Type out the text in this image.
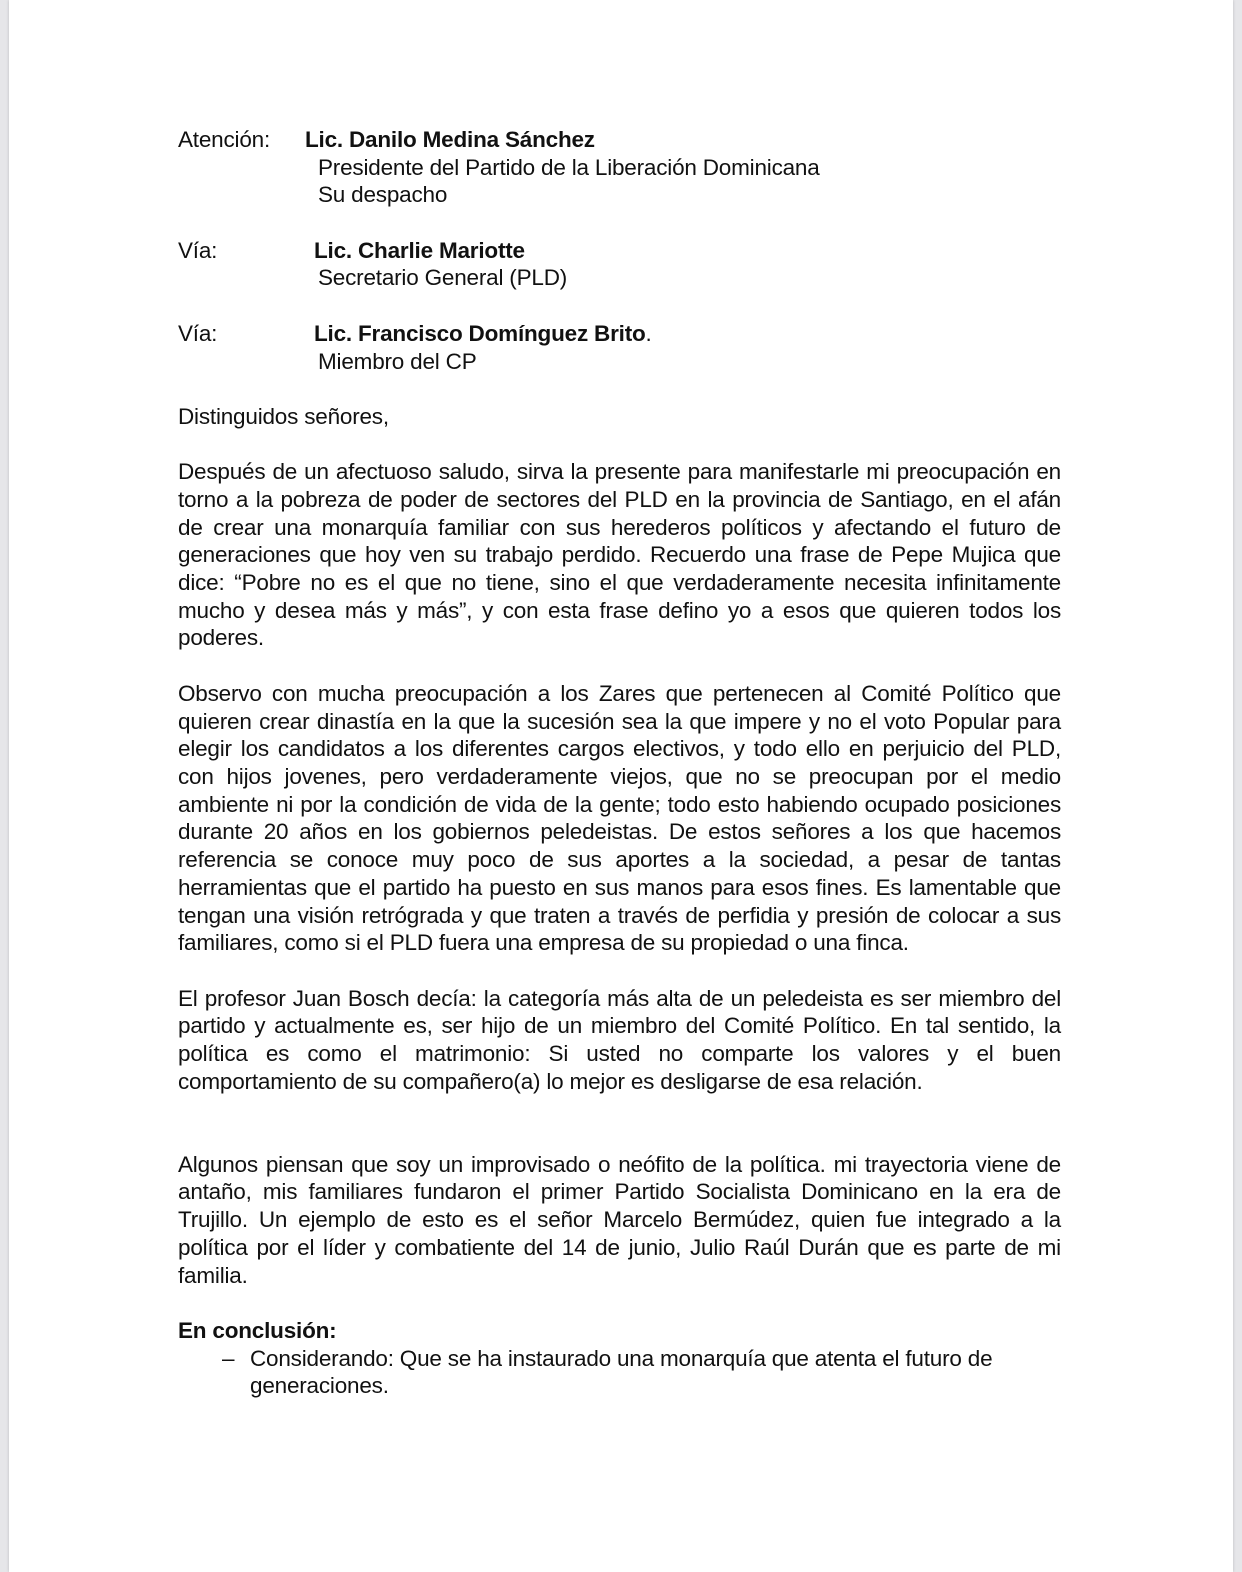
Atención: Lic. Danilo Medina Sánchez
Presidente del Partido de la Liberación Dominicana
Su despacho
Vía:	Lic. Charlie Mariotte
Secretario General (PLD)
Vía:	Lic. Francisco Domínguez Brito.
Miembro del CP

Distinguidos señores,

Después de un afectuoso saludo, sirva la presente para manifestarle mi preocupación en torno a la pobreza de poder de sectores del PLD en la provincia de Santiago, en el afán de crear una monarquía familiar con sus herederos políticos y afectando el futuro de generaciones que hoy ven su trabajo perdido. Recuerdo una frase de Pepe Mujica que dice: “Pobre no es el que no tiene, sino el que verdaderamente necesita infinitamente mucho y desea más y más”, y con esta frase defino yo a esos que quieren todos los poderes.

Observo con mucha preocupación a los Zares que pertenecen al Comité Político que quieren crear dinastía en la que la sucesión sea la que impere y no el voto Popular para elegir los candidatos a los diferentes cargos electivos, y todo ello en perjuicio del PLD, con hijos jovenes, pero verdaderamente viejos, que no se preocupan por el medio ambiente ni por la condición de vida de la gente; todo esto habiendo ocupado posiciones durante 20 años en los gobiernos peledeistas. De estos señores a los que hacemos referencia se conoce muy poco de sus aportes a la sociedad, a pesar de tantas herramientas que el partido ha puesto en sus manos para esos fines. Es lamentable que tengan una visión retrógrada y que traten a través de perfidia y presión de colocar a sus familiares, como si el PLD fuera una empresa de su propiedad o una finca.

El profesor Juan Bosch decía: la categoría más alta de un peledeista es ser miembro del partido y actualmente es, ser hijo de un miembro del Comité Político. En tal sentido, la política es como el matrimonio: Si usted no comparte los valores y el buen comportamiento de su compañero(a) lo mejor es desligarse de esa relación.

Algunos piensan que soy un improvisado o neófito de la política. mi trayectoria viene de antaño, mis familiares fundaron el primer Partido Socialista Dominicano en la era de Trujillo. Un ejemplo de esto es el señor Marcelo Bermúdez, quien fue integrado a la política por el líder y combatiente del 14 de junio, Julio Raúl Durán que es parte de mi familia.

En conclusión:

– Considerando: Que se ha instaurado una monarquía que atenta el futuro de generaciones.
